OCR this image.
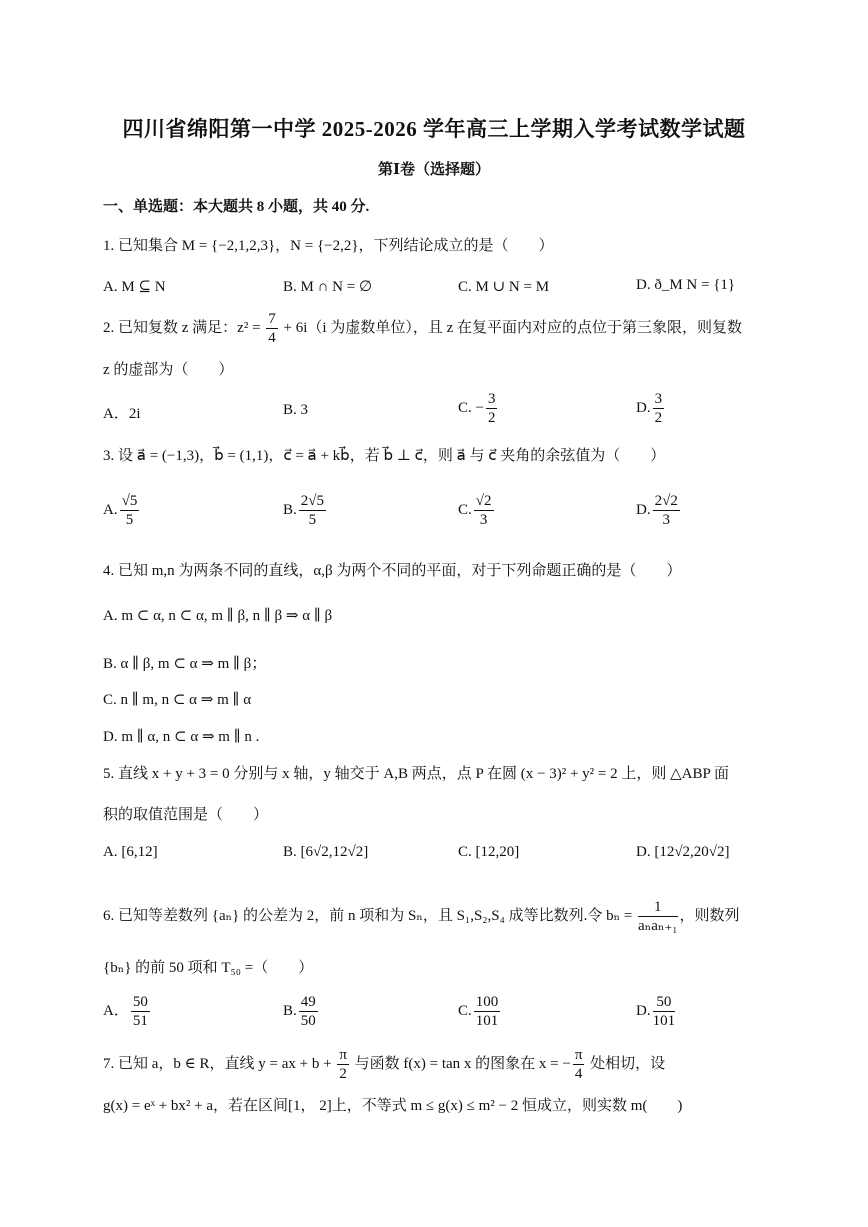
四川省绵阳第一中学 2025-2026 学年高三上学期入学考试数学试题
第Ⅰ卷（选择题）
一、单选题：本大题共 8 小题，共 40 分.
1. 已知集合 M = {−2,1,2,3}，N = {−2,2}，下列结论成立的是（　　）
A. M ⊆ N	B. M ∩ N = ∅	C. M ∪ N = M	D. ð_M N = {1}
2. 已知复数 z 满足：$z^2 = \frac{7}{4} + 6i(i$ 为虚数单位），且 z 在复平面内对应的点位于第三象限，则复数
z 的虚部为（　　）
A．2i	B. 3	C. − $\frac{3}{2}$	D. $\frac{3}{2}$
3. 设 a⃗ = (−1,3)，b⃗ = (1,1)，c⃗ = a⃗ + kb⃗，若 b⃗ ⊥ c⃗，则 a⃗ 与 c⃗ 夹角的余弦值为（　　）
A. $\frac{√5}{5}$	B. $\frac{2√5}{5}$	C. $\frac{√2}{3}$	D. $\frac{2√2}{3}$
4. 已知 m,n 为两条不同的直线，α,β 为两个不同的平面，对于下列命题正确的是（　　）
A. m ⊂ α, n ⊂ α, m ∥ β, n ∥ β ⇒ α ∥ β
B. α ∥ β, m ⊂ α ⇒ m ∥ β；
C. n ∥ m, n ⊂ α ⇒ m ∥ α
D. m ∥ α, n ⊂ α ⇒ m ∥ n .
5. 直线 x + y + 3 = 0 分别与 x 轴，y 轴交于 A,B 两点，点 P 在圆 (x − 3)² + y² = 2 上，则 △ABP 面
积的取值范围是（　　）
A. [6,12]	B. [6√2,12√2]	C. [12,20]	D. [12√2,20√2]
6. 已知等差数列 {aₙ} 的公差为 2，前 n 项和为 Sₙ，且 S₁,S₂,S₄ 成等比数列.令 $b_n = \frac{1}{\text{aₙaₙ₊₁}}$ ，则数列
{bₙ} 的前 50 项和 T₅₀ =（　　）
A． $\frac{50}{51}$	B. $\frac{49}{50}$	C. $\frac{100}{101}$	D. $\frac{50}{101}$
7. 已知 a，b ∈ R，直线 y = ax + $b + \frac{\pi}{2}$ 与函数 f(x) = tan x 的图象在 x = − $\frac{\pi}{4}$ 处相切，设
g(x) = eˣ + bx² + a，若在区间[1， 2]上，不等式 m ≤ g(x) ≤ m² − 2 恒成立，则实数 m(　　)
